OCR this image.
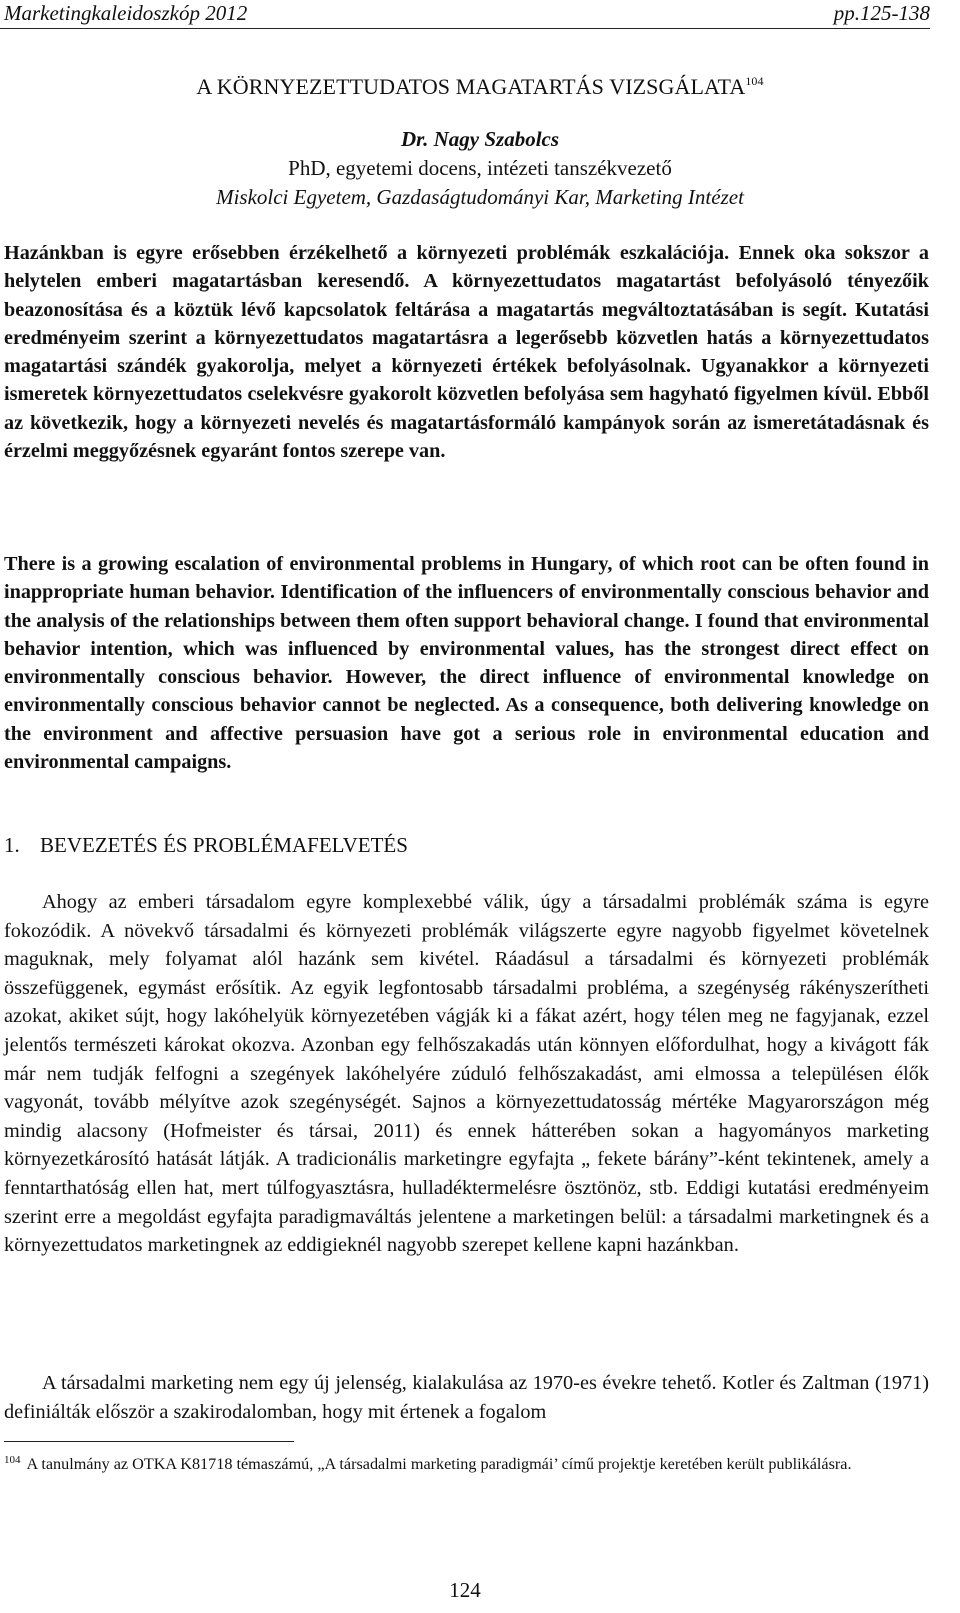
Marketingkaleidoszkóp 2012	pp.125-138
A KÖRNYEZETTUDATOS MAGATARTÁS VIZSGÁLATA$^{104}$
Dr. Nagy Szabolcs
PhD, egyetemi docens, intézeti tanszékvezető
Miskolci Egyetem, Gazdaságtudományi Kar, Marketing Intézet

Hazánkban is egyre erősebben érzékelhető a környezeti problémák eszkalációja. Ennek oka sokszor a helytelen emberi magatartásban keresendő. A környezettudatos magatartást befolyásoló tényezőik beazonosítása és a köztük lévő kapcsolatok feltárása a magatartás megváltoztatásában is segít. Kutatási eredményeim szerint a környezettudatos magatartásra a legerősebb közvetlen hatás a környezettudatos magatartási szándék gyakorolja, melyet a környezeti értékek befolyásolnak. Ugyanakkor a környezeti ismeretek környezettudatos cselekvésre gyakorolt közvetlen befolyása sem hagyható figyelmen kívül. Ebből az következik, hogy a környezeti nevelés és magatartásformáló kampányok során az ismeretátadásnak és érzelmi meggyőzésnek egyaránt fontos szerepe van.

There is a growing escalation of environmental problems in Hungary, of which root can be often found in inappropriate human behavior. Identification of the influencers of environmentally conscious behavior and the analysis of the relationships between them often support behavioral change. I found that environmental behavior intention, which was influenced by environmental values, has the strongest direct effect on environmentally conscious behavior. However, the direct influence of environmental knowledge on environmentally conscious behavior cannot be neglected. As a consequence, both delivering knowledge on the environment and affective persuasion have got a serious role in environmental education and environmental campaigns.

1. BEVEZETÉS ÉS PROBLÉMAFELVETÉS

Ahogy az emberi társadalom egyre komplexebbé válik, úgy a társadalmi problémák száma is egyre fokozódik. A növekvő társadalmi és környezeti problémák világszerte egyre nagyobb figyelmet követelnek maguknak, mely folyamat alól hazánk sem kivétel. Ráadásul a társadalmi és környezeti problémák összefüggenek, egymást erősítik. Az egyik legfontosabb társadalmi probléma, a szegénység rákényszerítheti azokat, akiket sújt, hogy lakóhelyük környezetében vágják ki a fákat azért, hogy télen meg ne fagyjanak, ezzel jelentős természeti károkat okozva. Azonban egy felhőszakadás után könnyen előfordulhat, hogy a kivágott fák már nem tudják felfogni a szegények lakóhelyére zúduló felhőszakadást, ami elmossa a településen élők vagyonát, tovább mélyítve azok szegénységét. Sajnos a környezettudatosság mértéke Magyarországon még mindig alacsony (Hofmeister és társai, 2011) és ennek hátterében sokan a hagyományos marketing környezetkárosító hatását látják. A tradicionális marketingre egyfajta „ fekete bárány”-ként tekintenek, amely a fenntarthatóság ellen hat, mert túlfogyasztásra, hulladéktermelésre ösztönöz, stb. Eddigi kutatási eredményeim szerint erre a megoldást egyfajta paradigmaváltás jelentene a marketingen belül: a társadalmi marketingnek és a környezettudatos marketingnek az eddigieknél nagyobb szerepet kellene kapni hazánkban.

A társadalmi marketing nem egy új jelenség, kialakulása az 1970-es évekre tehető. Kotler és Zaltman (1971) definiálták először a szakirodalomban, hogy mit értenek a fogalom

$^{104}$ A tanulmány az OTKA K81718 témaszámú, „A társadalmi marketing paradigmái’ című projektje keretében került publikálásra.

124
